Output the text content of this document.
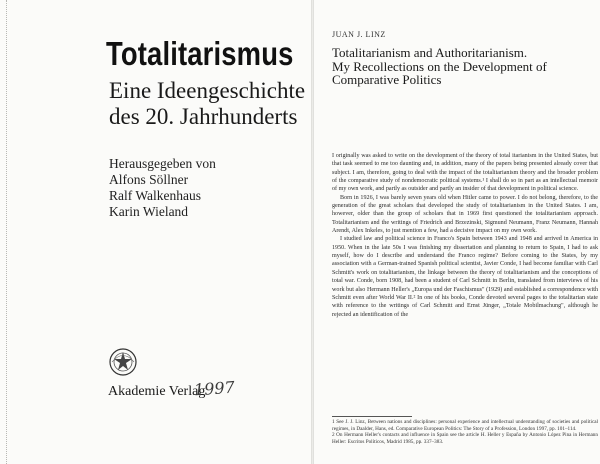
Totalitarismus
Eine Ideengeschichte
des 20. Jahrhunderts
Herausgegeben von
Alfons Söllner
Ralf Walkenhaus
Karin Wieland
Akademie Verlag
1997
JUAN J. LINZ
Totalitarianism and Authoritarianism.
My Recollections on the Development of
Comparative Politics

I originally was asked to write on the development of the theory of total itarianism in the United States, but that task seemed to me too daunting and, in addition, many of the papers being presented already cover that subject. I am, therefore, going to deal with the impact of the totalitarianism theory and the broader problem of the comparative study of nondemocratic political systems.¹ I shall do so in part as an intellectual memoir of my own work, and partly as outsider and partly an insider of that development in political science.

Born in 1926, I was barely seven years old when Hitler came to power. I do not belong, therefore, to the generation of the great scholars that developed the study of totalitarianism in the United States. I am, however, older than the group of scholars that in 1969 first questioned the totalitarianism approach. Totalitarianism and the writings of Friedrich and Brzezinski, Sigmund Neumann, Franz Neumann, Hannah Arendt, Alex Inkeles, to just mention a few, had a decisive impact on my own work.

I studied law and political science in Franco's Spain between 1943 and 1948 and arrived in America in 1950. When in the late 50s I was finishing my dissertation and planning to return to Spain, I had to ask myself, how do I describe and understand the Franco regime? Before coming to the States, by my association with a German-trained Spanish political scientist, Javier Conde, I had become familiar with Carl Schmitt's work on totalitarianism, the linkage between the theory of totalitarianism and the conceptions of total war. Conde, born 1908, had been a student of Carl Schmitt in Berlin, translated from interviews of his work but also Hermann Heller's „Europa und der Faschismus" (1929) and established a correspondence with Schmitt even after World War II.² In one of his books, Conde devoted several pages to the totalitarian state with reference to the writings of Carl Schmitt and Ernst Jünger, „Totale Mobilmachung", although he rejected an identification of the

1 See J. J. Linz, Between nations and disciplines: personal experience and intellectual understanding of societies and political regimes, in Daalder, Hans, ed. Comparative European Politics: The Story of a Profession, London 1997, pp. 101–114.

2 On Hermann Heller's contacts and influence in Spain see the article H. Heller y España by Antonio López Pina in Hermann Heller: Escritos Políticos, Madrid 1985, pp. 337–383.
